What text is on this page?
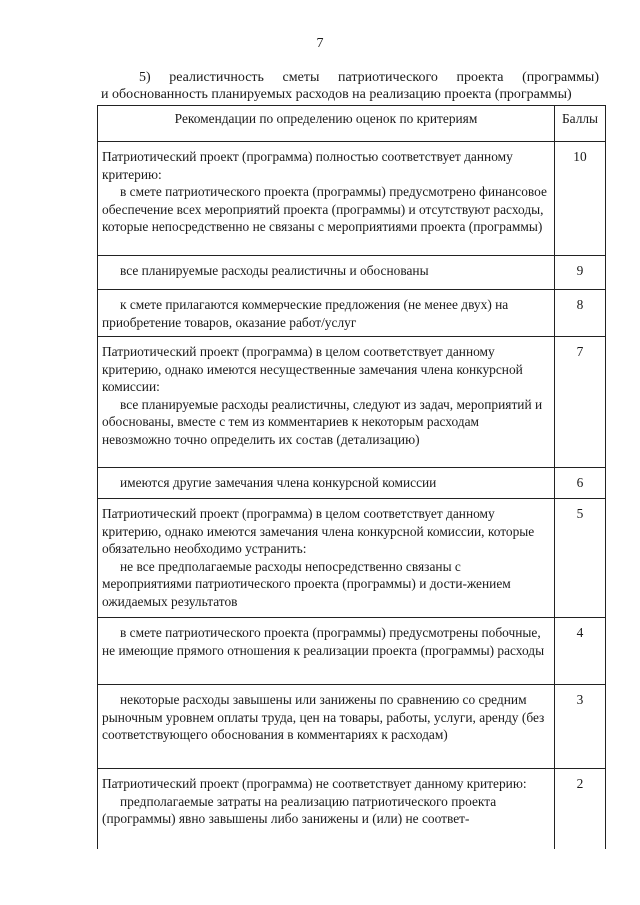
7
5) реалистичность сметы патриотического проекта (программы)
и обоснованность планируемых расходов на реализацию проекта (программы)
Рекомендации по определению оценок по критериям	Баллы

Патриотический проект (программа) полностью соответствует данному критерию:
в смете патриотического проекта (программы) предусмотрено финансовое обеспечение всех мероприятий проекта (программы) и отсутствуют расходы, которые непосредственно не связаны с мероприятиями проекта (программы)	10

все планируемые расходы реалистичны и обоснованы	9

к смете прилагаются коммерческие предложения (не менее двух) на приобретение товаров, оказание работ/услуг	8

Патриотический проект (программа) в целом соответствует данному критерию, однако имеются несущественные замечания члена конкурсной комиссии:
все планируемые расходы реалистичны, следуют из задач, мероприятий и обоснованы, вместе с тем из комментариев к некоторым расходам невозможно точно определить их состав (детализацию)	7

имеются другие замечания члена конкурсной комиссии	6

Патриотический проект (программа) в целом соответствует данному критерию, однако имеются замечания члена конкурсной комиссии, которые обязательно необходимо устранить:
не все предполагаемые расходы непосредственно связаны с мероприятиями патриотического проекта (программы) и дости-жением ожидаемых результатов	5

в смете патриотического проекта (программы) предусмотрены побочные, не имеющие прямого отношения к реализации проекта (программы) расходы	4

некоторые расходы завышены или занижены по сравнению со средним рыночным уровнем оплаты труда, цен на товары, работы, услуги, аренду (без соответствующего обоснования в комментариях к расходам)	3

Патриотический проект (программа) не соответствует данному критерию:
предполагаемые затраты на реализацию патриотического проекта (программы) явно завышены либо занижены и (или) не соответ-	2
